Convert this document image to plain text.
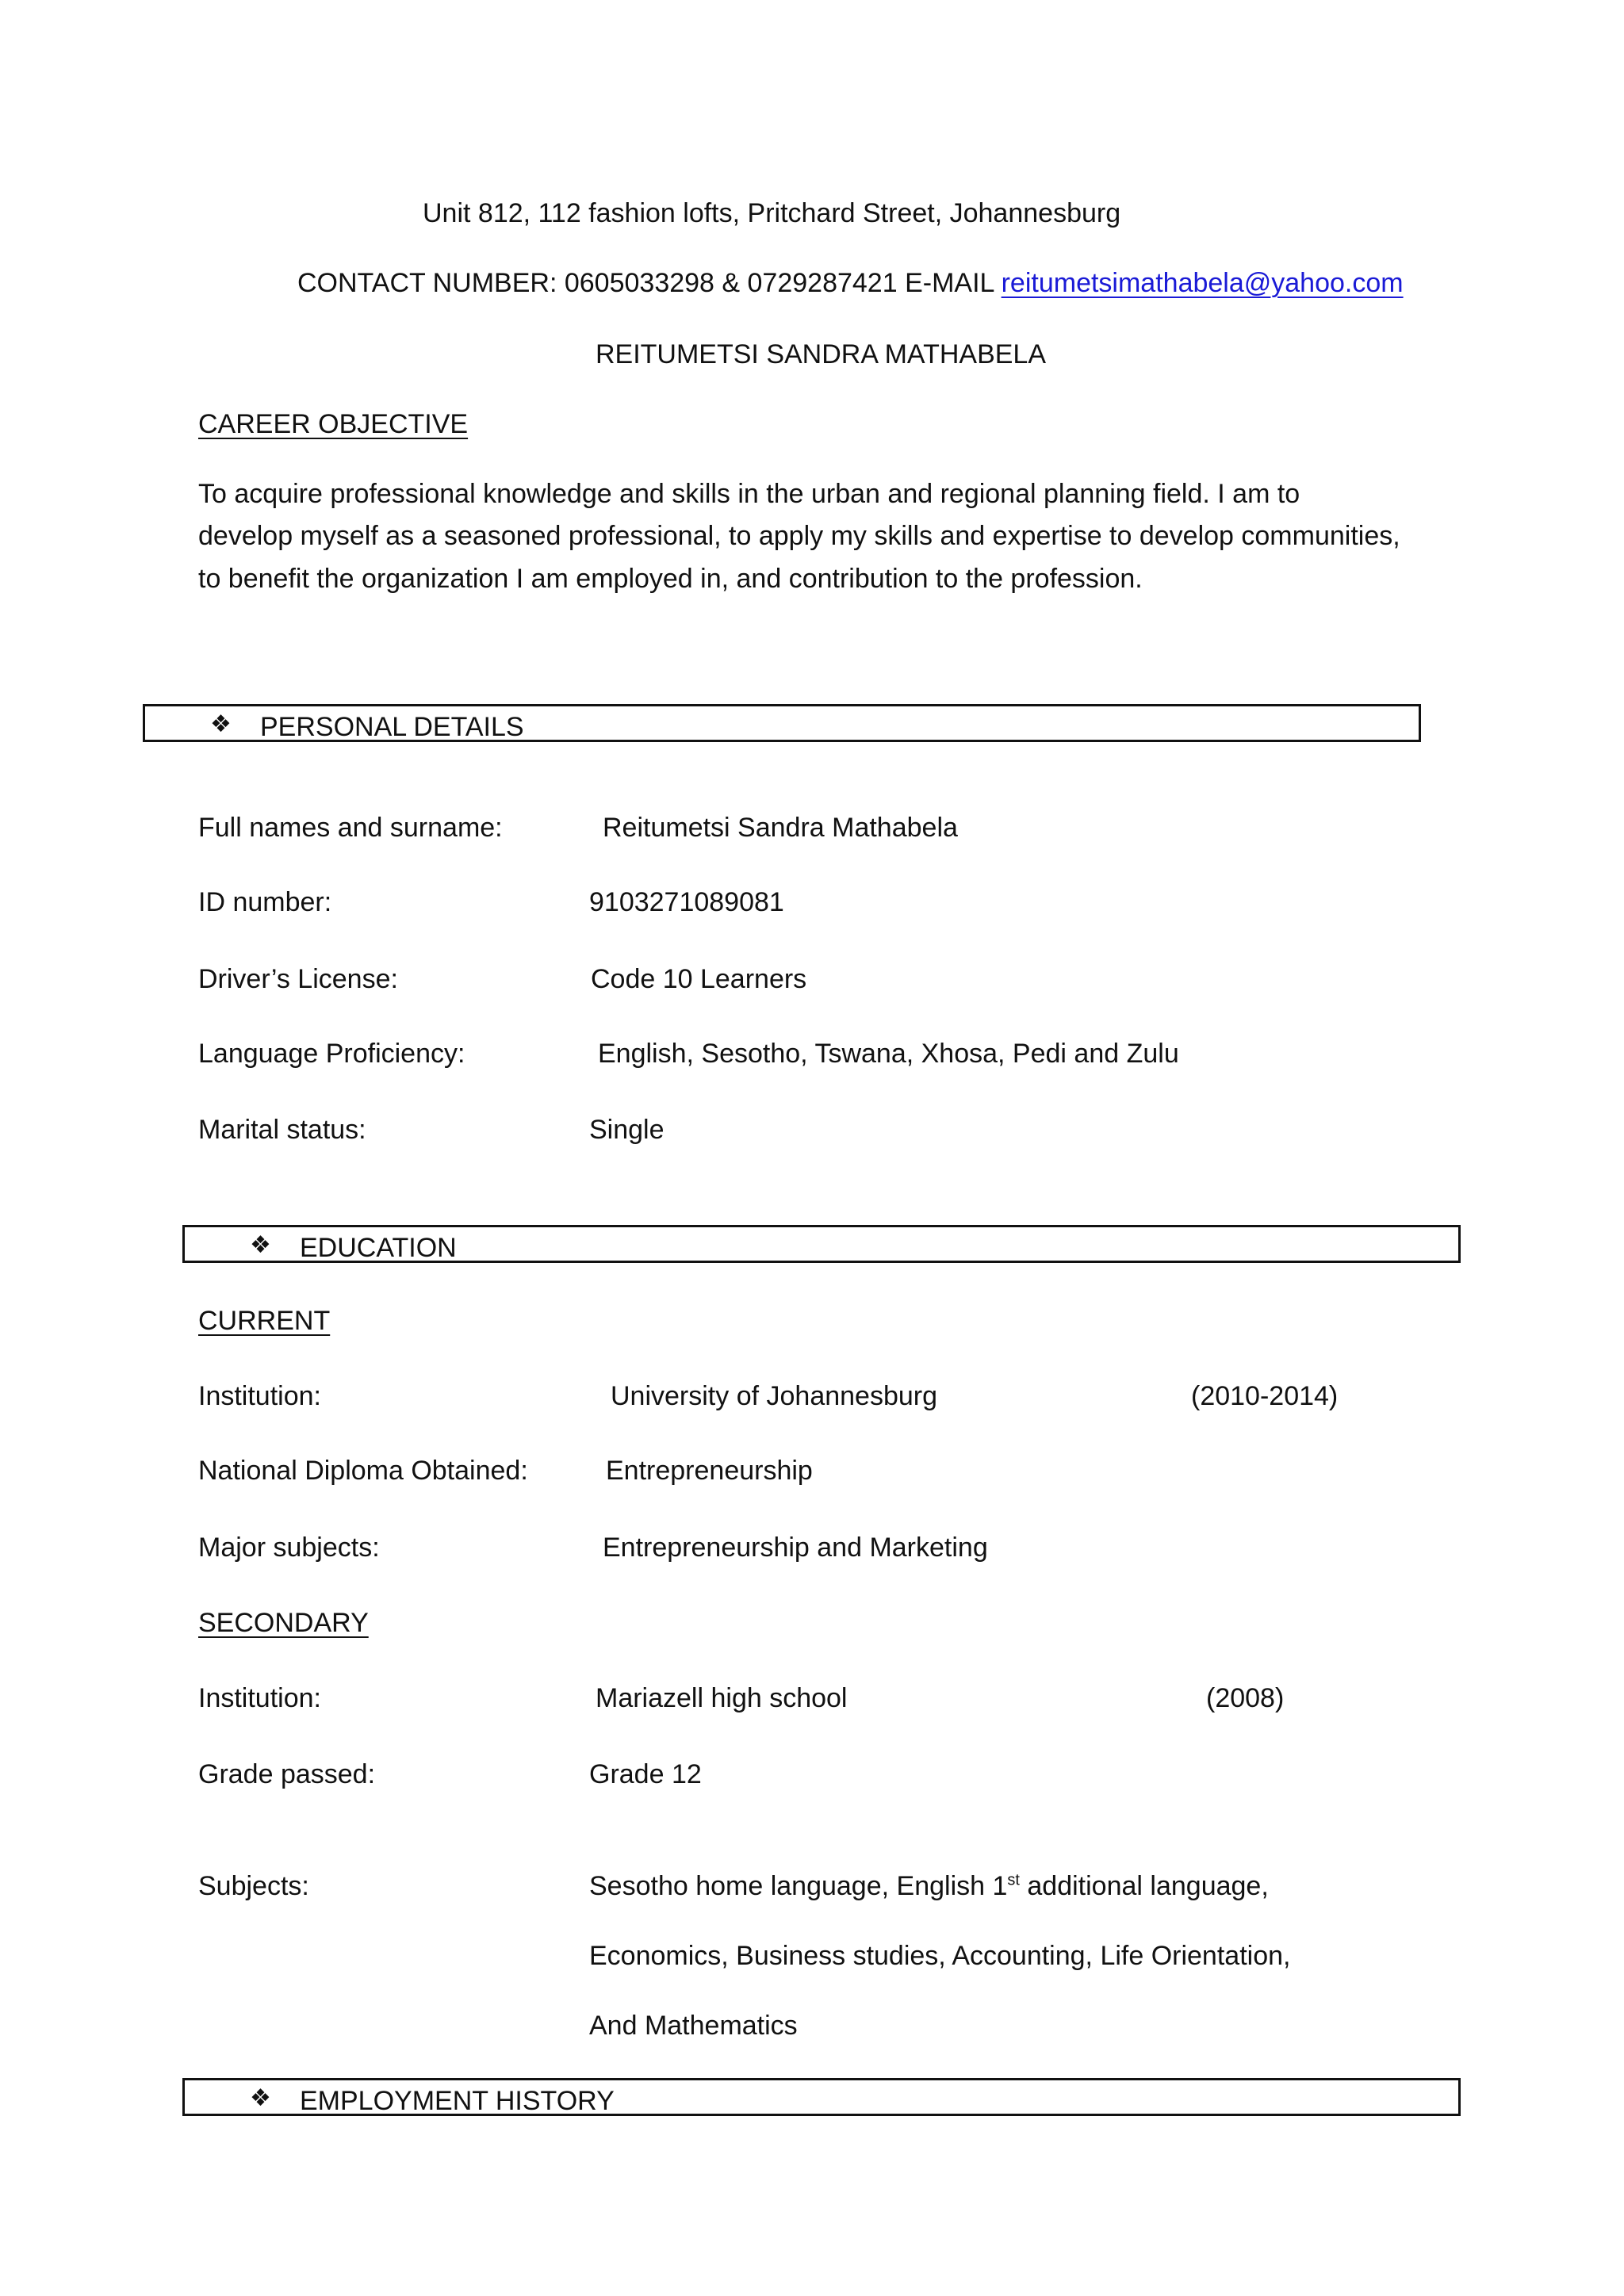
Unit 812, 112 fashion lofts, Pritchard Street, Johannesburg
CONTACT NUMBER: 0605033298 & 0729287421 E-MAIL reitumetsimathabela@yahoo.com
REITUMETSI SANDRA MATHABELA
CAREER OBJECTIVE
To acquire professional knowledge and skills in the urban and regional planning field. I am to
develop myself as a seasoned professional, to apply my skills and expertise to develop communities,
to benefit the organization I am employed in, and contribution to the profession.
❖ PERSONAL DETAILS
Full names and surname:	Reitumetsi Sandra Mathabela
ID number:	9103271089081
Driver’s License:	Code 10 Learners
Language Proficiency:	English, Sesotho, Tswana, Xhosa, Pedi and Zulu
Marital status:	Single
❖ EDUCATION
CURRENT
Institution:	University of Johannesburg	(2010-2014)
National Diploma Obtained:	Entrepreneurship
Major subjects:	Entrepreneurship and Marketing
SECONDARY
Institution:	Mariazell high school	(2008)
Grade passed:	Grade 12
Subjects:	Sesotho home language, English 1st additional language,
Economics, Business studies, Accounting, Life Orientation,
And Mathematics
❖ EMPLOYMENT HISTORY
